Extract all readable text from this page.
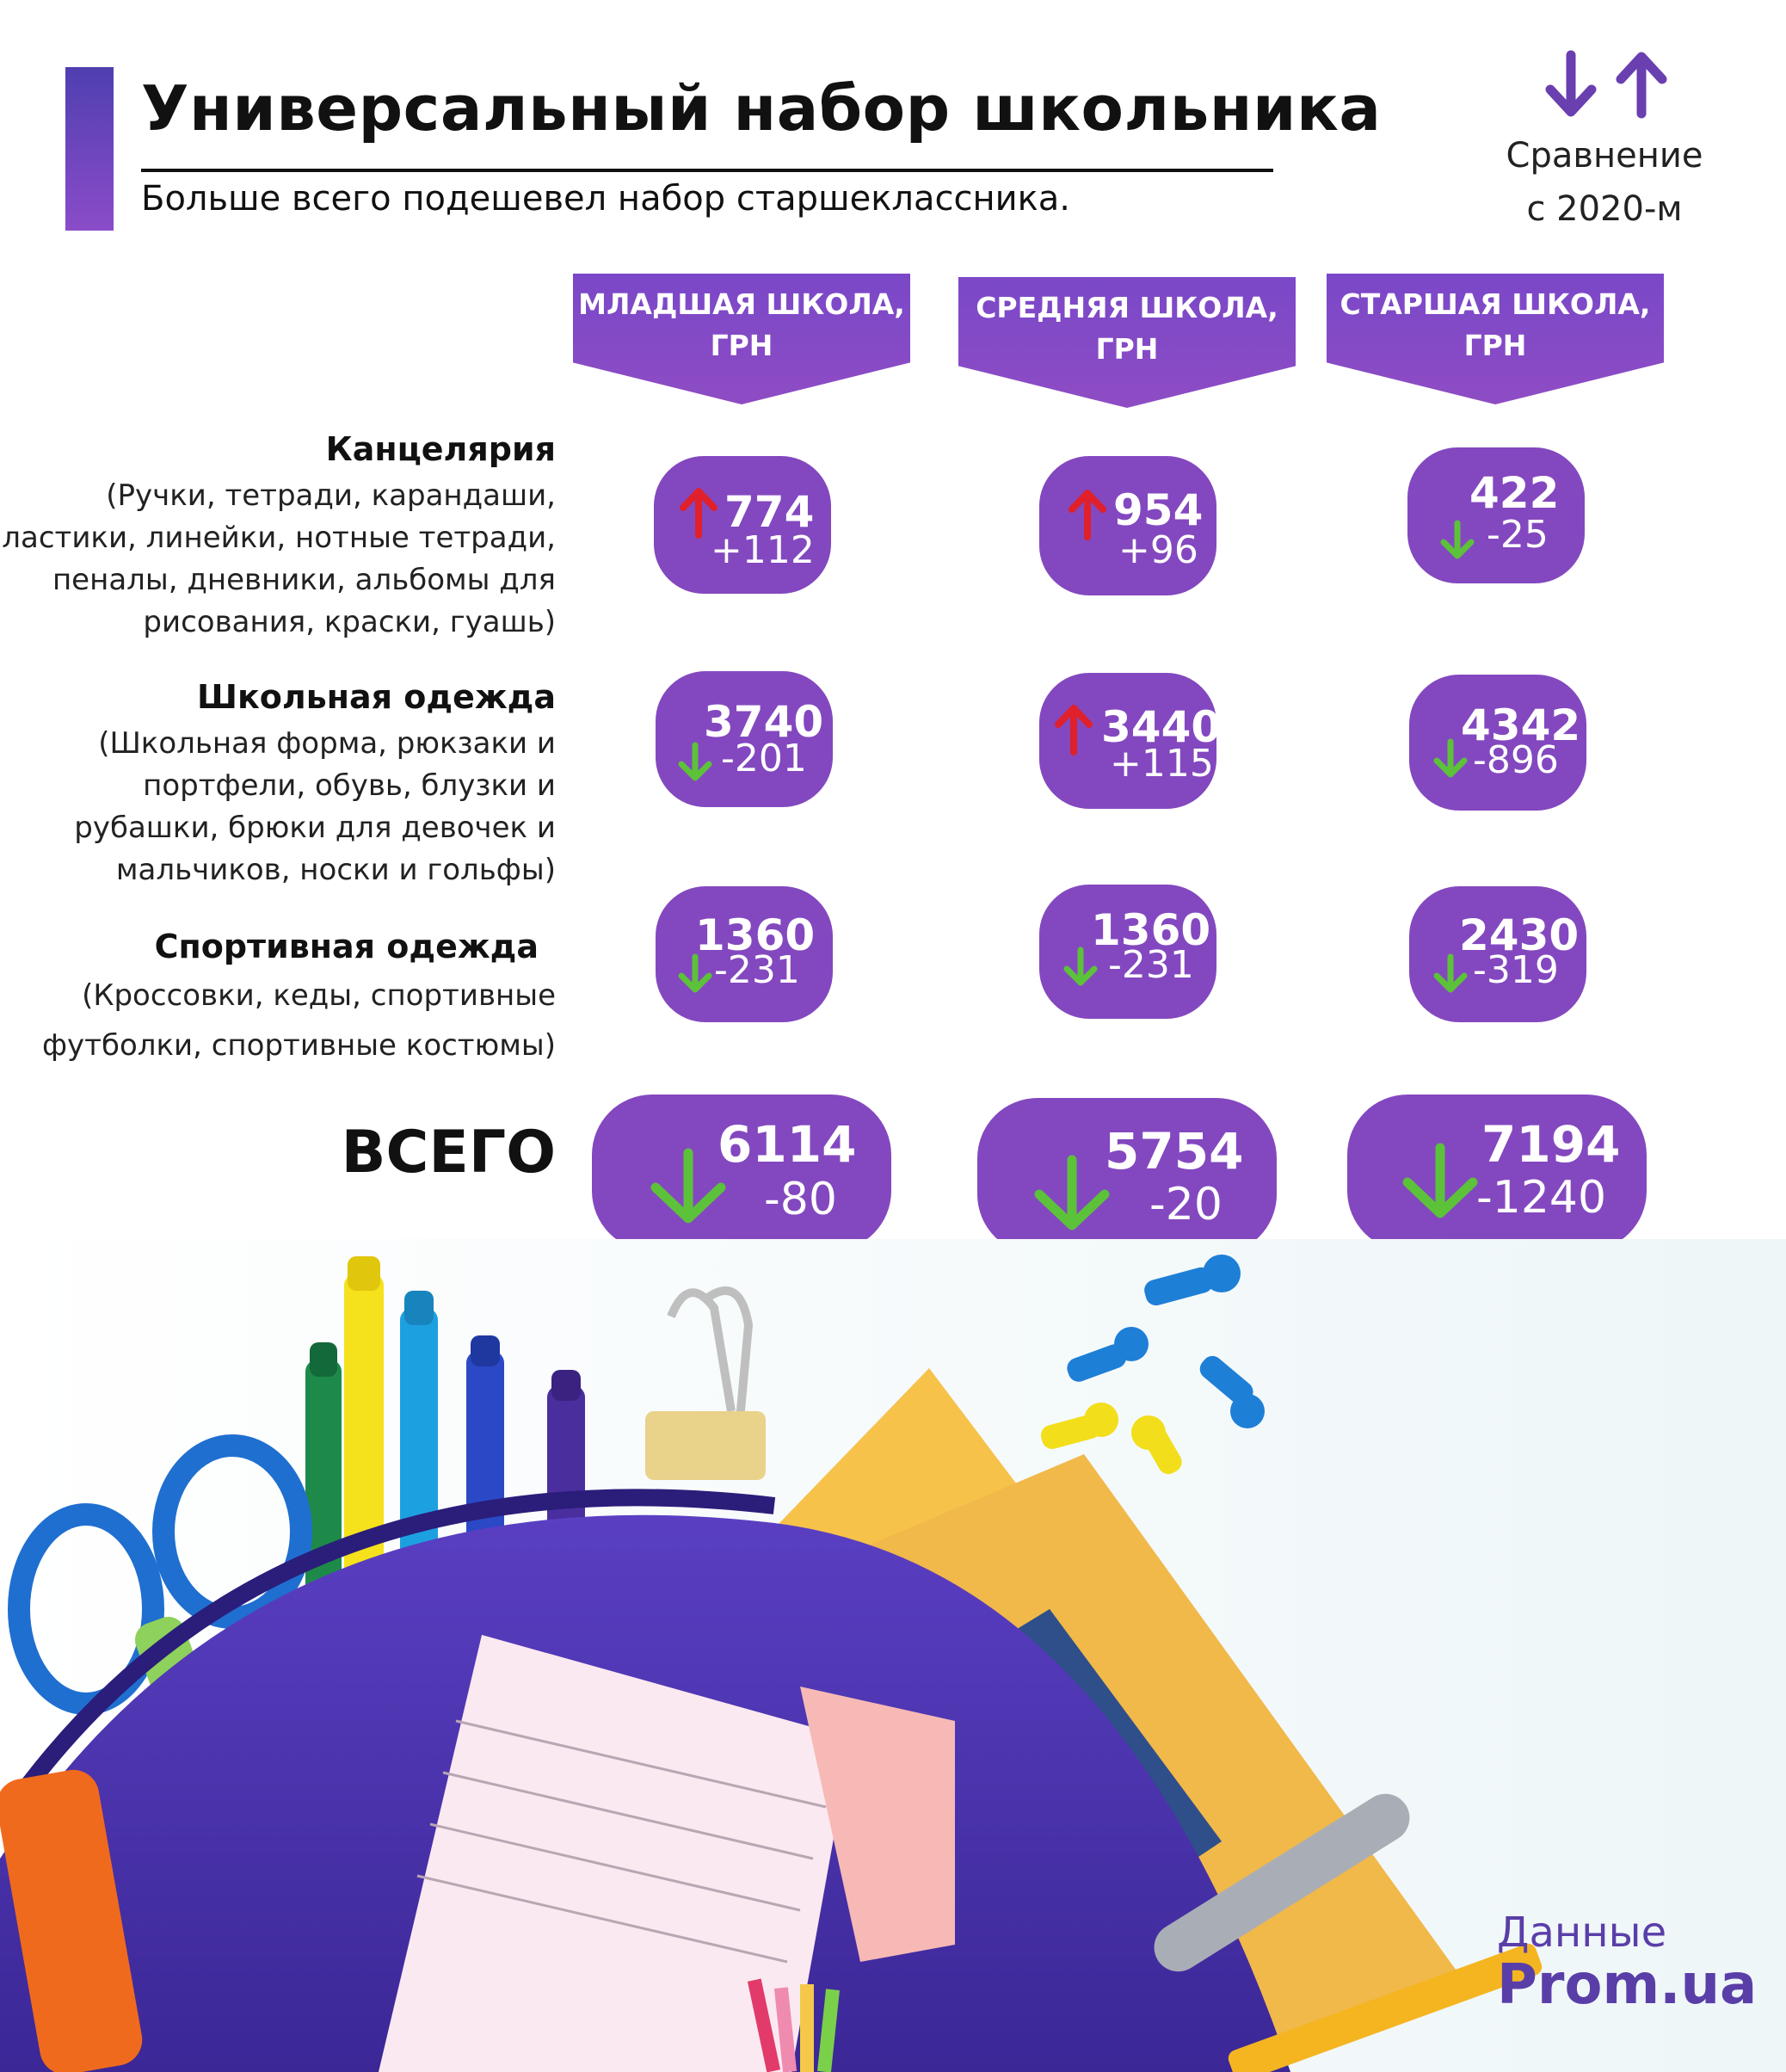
Универсальный набор школьника
Больше всего подешевел набор старшеклассника.
Сравнение
с 2020-м
МЛАДШАЯ ШКОЛА,
ГРН
СРЕДНЯЯ ШКОЛА,
ГРН
СТАРШАЯ ШКОЛА,
ГРН
Канцелярия
(Ручки, тетради, карандаши,
ластики, линейки, нотные тетради,
пеналы, дневники, альбомы для
рисования, краски, гуашь)
Школьная одежда
(Школьная форма, рюкзаки и
портфели, обувь, блузки и
рубашки, брюки для девочек и
мальчиков, носки и гольфы)
Спортивная одежда
(Кроссовки, кеды, спортивные
футболки, спортивные костюмы)
ВСЕГО
774
+112
954
+96
422
-25
3740
-201
3440
+115
4342
-896
1360
-231
1360
-231
2430
-319
6114
-80
5754
-20
7194
-1240
Данные
Prom.ua
